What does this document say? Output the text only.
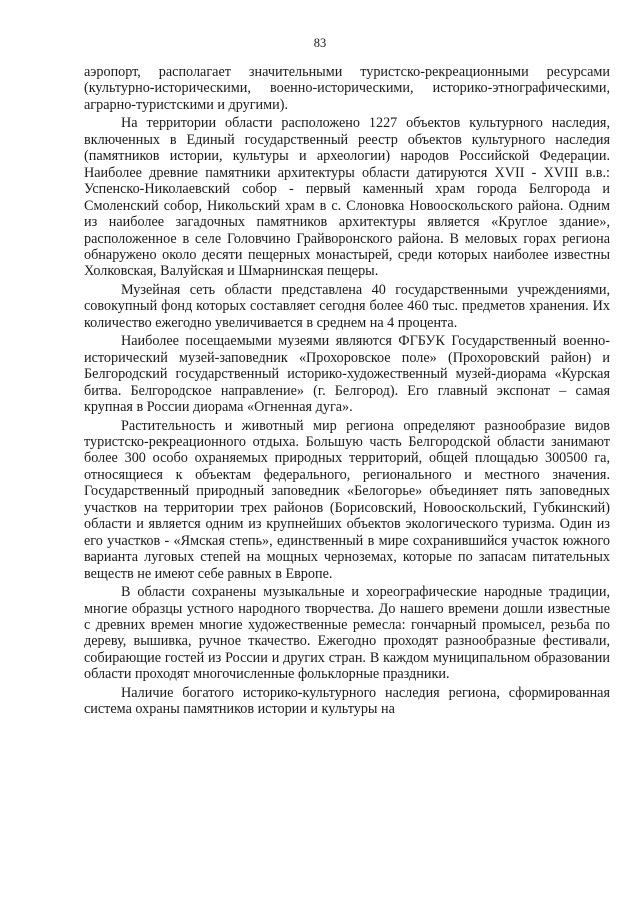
83

аэропорт, располагает значительными туристско-рекреационными ресурсами (культурно-историческими, военно-историческими, историко-этнографическими, аграрно-туристскими и другими).

На территории области расположено 1227 объектов культурного наследия, включенных в Единый государственный реестр объектов культурного наследия (памятников истории, культуры и археологии) народов Российской Федерации. Наиболее древние памятники архитектуры области датируются XVII - XVIII в.в.: Успенско-Николаевский собор - первый каменный храм города Белгорода и Смоленский собор, Никольский храм в с. Слоновка Новооскольского района. Одним из наиболее загадочных памятников архитектуры является «Круглое здание», расположенное в селе Головчино Грайворонского района. В меловых горах региона обнаружено около десяти пещерных монастырей, среди которых наиболее известны Холковская, Валуйская и Шмарнинская пещеры.

Музейная сеть области представлена 40 государственными учреждениями, совокупный фонд которых составляет сегодня более 460 тыс. предметов хранения. Их количество ежегодно увеличивается в среднем на 4 процента.

Наиболее посещаемыми музеями являются ФГБУК Государственный военно-исторический музей-заповедник «Прохоровское поле» (Прохоровский район) и Белгородский государственный историко-художественный музей-диорама «Курская битва. Белгородское направление» (г. Белгород). Его главный экспонат – самая крупная в России диорама «Огненная дуга».

Растительность и животный мир региона определяют разнообразие видов туристско-рекреационного отдыха. Большую часть Белгородской области занимают более 300 особо охраняемых природных территорий, общей площадью 300500 га, относящиеся к объектам федерального, регионального и местного значения. Государственный природный заповедник «Белогорье» объединяет пять заповедных участков на территории трех районов (Борисовский, Новооскольский, Губкинский) области и является одним из крупнейших объектов экологического туризма. Один из его участков - «Ямская степь», единственный в мире сохранившийся участок южного варианта луговых степей на мощных черноземах, которые по запасам питательных веществ не имеют себе равных в Европе.

В области сохранены музыкальные и хореографические народные традиции, многие образцы устного народного творчества. До нашего времени дошли известные с древних времен многие художественные ремесла: гончарный промысел, резьба по дереву, вышивка, ручное ткачество. Ежегодно проходят разнообразные фестивали, собирающие гостей из России и других стран. В каждом муниципальном образовании области проходят многочисленные фольклорные праздники.

Наличие богатого историко-культурного наследия региона, сформированная система охраны памятников истории и культуры на
